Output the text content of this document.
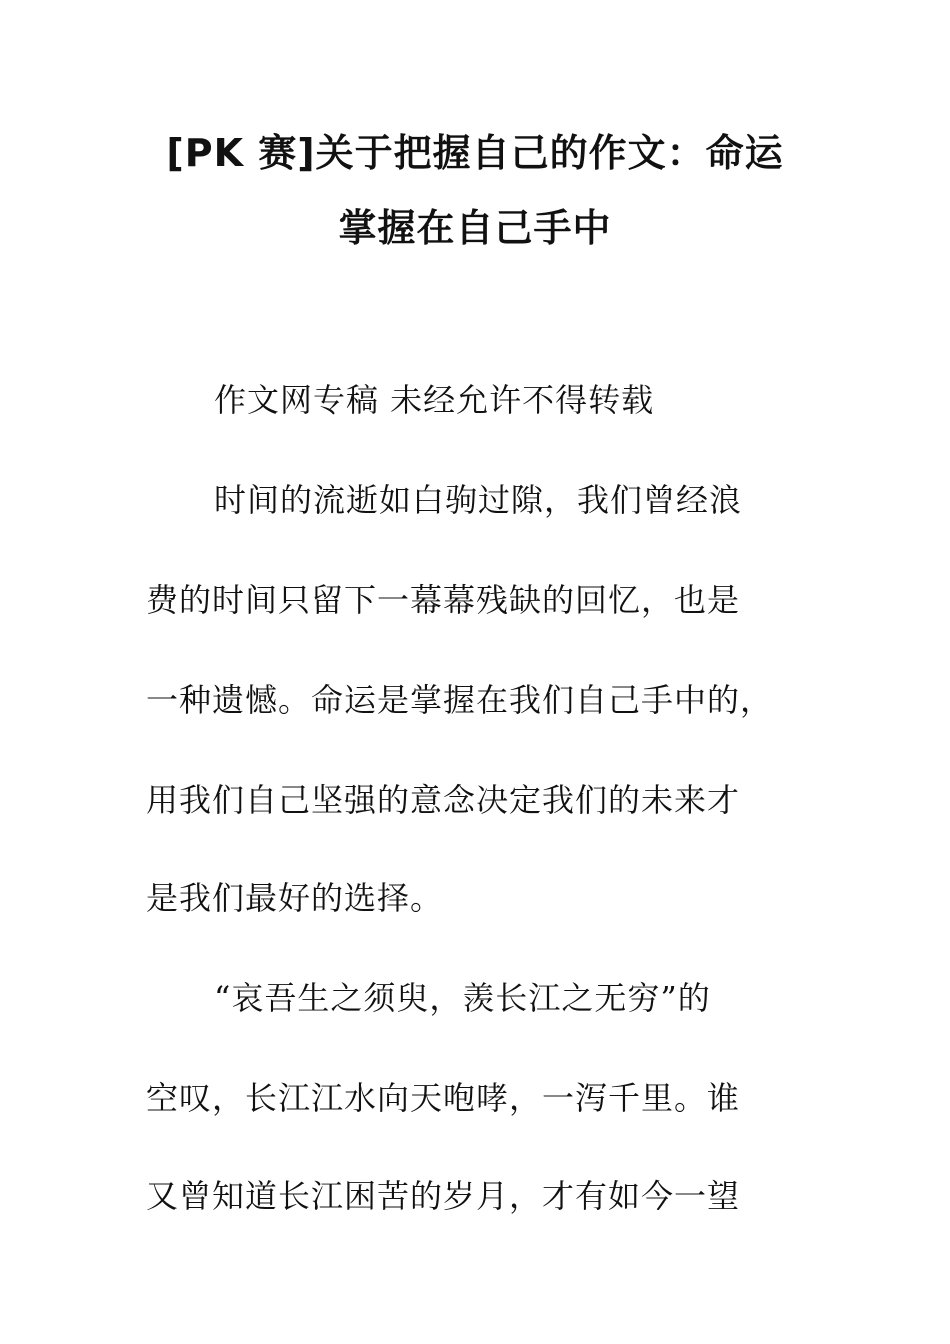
[PK 赛]关于把握自己的作文：命运
掌握在自己手中
作文网专稿 未经允许不得转载
时间的流逝如白驹过隙，我们曾经浪
费的时间只留下一幕幕残缺的回忆，也是
一种遗憾。命运是掌握在我们自己手中的，
用我们自己坚强的意念决定我们的未来才
是我们最好的选择。
“哀吾生之须臾，羡长江之无穷”的
空叹，长江江水向天咆哮，一泻千里。谁
又曾知道长江困苦的岁月，才有如今一望
